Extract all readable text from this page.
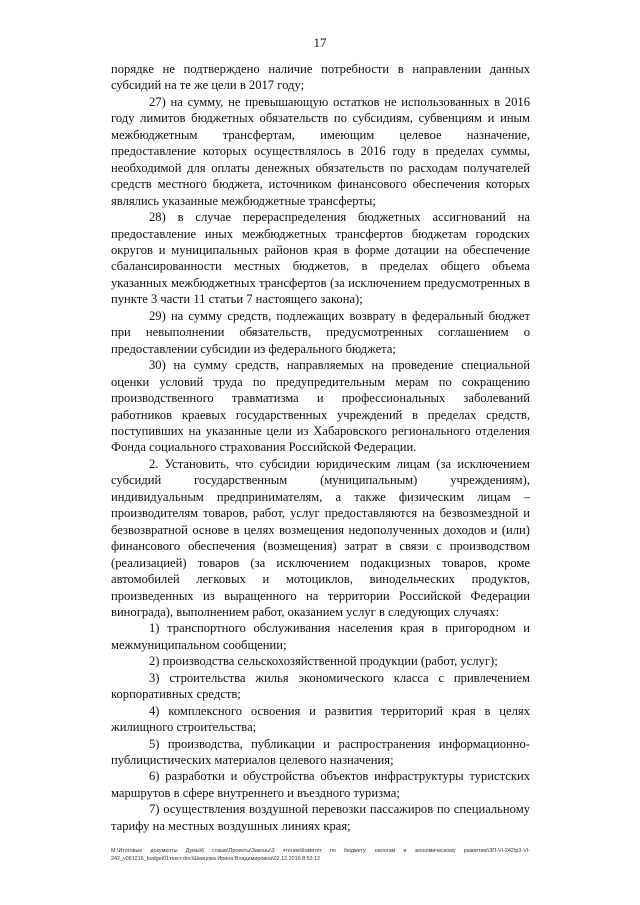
17

порядке не подтверждено наличие потребности в направлении данных субсидий на те же цели в 2017 году;

27) на сумму, не превышающую остатков не использованных в 2016 году лимитов бюджетных обязательств по субсидиям, субвенциям и иным межбюджетным трансфертам, имеющим целевое назначение, предоставление которых осуществлялось в 2016 году в пределах суммы, необходимой для оплаты денежных обязательств по расходам получателей средств местного бюджета, источником финансового обеспечения которых являлись указанные межбюджетные трансферты;

28) в случае перераспределения бюджетных ассигнований на предоставление иных межбюджетных трансфертов бюджетам городских округов и муниципальных районов края в форме дотации на обеспечение сбалансированности местных бюджетов, в пределах общего объема указанных межбюджетных трансфертов (за исключением предусмотренных в пункте 3 части 11 статьи 7 настоящего закона);

29) на сумму средств, подлежащих возврату в федеральный бюджет при невыполнении обязательств, предусмотренных соглашением о предоставлении субсидии из федерального бюджета;

30) на сумму средств, направляемых на проведение специальной оценки условий труда по предупредительным мерам по сокращению производственного травматизма и профессиональных заболеваний работников краевых государственных учреждений в пределах средств, поступивших на указанные цели из Хабаровского регионального отделения Фонда социального страхования Российской Федерации.

2. Установить, что субсидии юридическим лицам (за исключением субсидий государственным (муниципальным) учреждениям), индивидуальным предпринимателям, а также физическим лицам – производителям товаров, работ, услуг предоставляются на безвозмездной и безвозвратной основе в целях возмещения недополученных доходов и (или) финансового обеспечения (возмещения) затрат в связи с производством (реализацией) товаров (за исключением подакцизных товаров, кроме автомобилей легковых и мотоциклов, винодельческих продуктов, произведенных из выращенного на территории Российской Федерации винограда), выполнением работ, оказанием услуг в следующих случаях:

1) транспортного обслуживания населения края в пригородном и межмуниципальном сообщении;

2) производства сельскохозяйственной продукции (работ, услуг);

3) строительства жилья экономического класса с привлечением корпоративных средств;

4) комплексного освоения и развития территорий края в целях жилищного строительства;

5) производства, публикации и распространения информационно-публицистических материалов целевого назначения;

6) разработки и обустройства объектов инфраструктуры туристских маршрутов в сфере внутреннего и въездного туризма;

7) осуществления воздушной перевозки пассажиров по специальному тарифу на местных воздушных линиях края;

М:\Итоговые документы Думы\6 созыв\Проекты\Законы\3 чтение\Комитет по бюджету, налогам и экономическому развитию\ЗП-VI-242\р3-VI-242_v061216_budget01текст.doc\Шевцова Ирина Владимировна\02.12.2016 8:53:12
